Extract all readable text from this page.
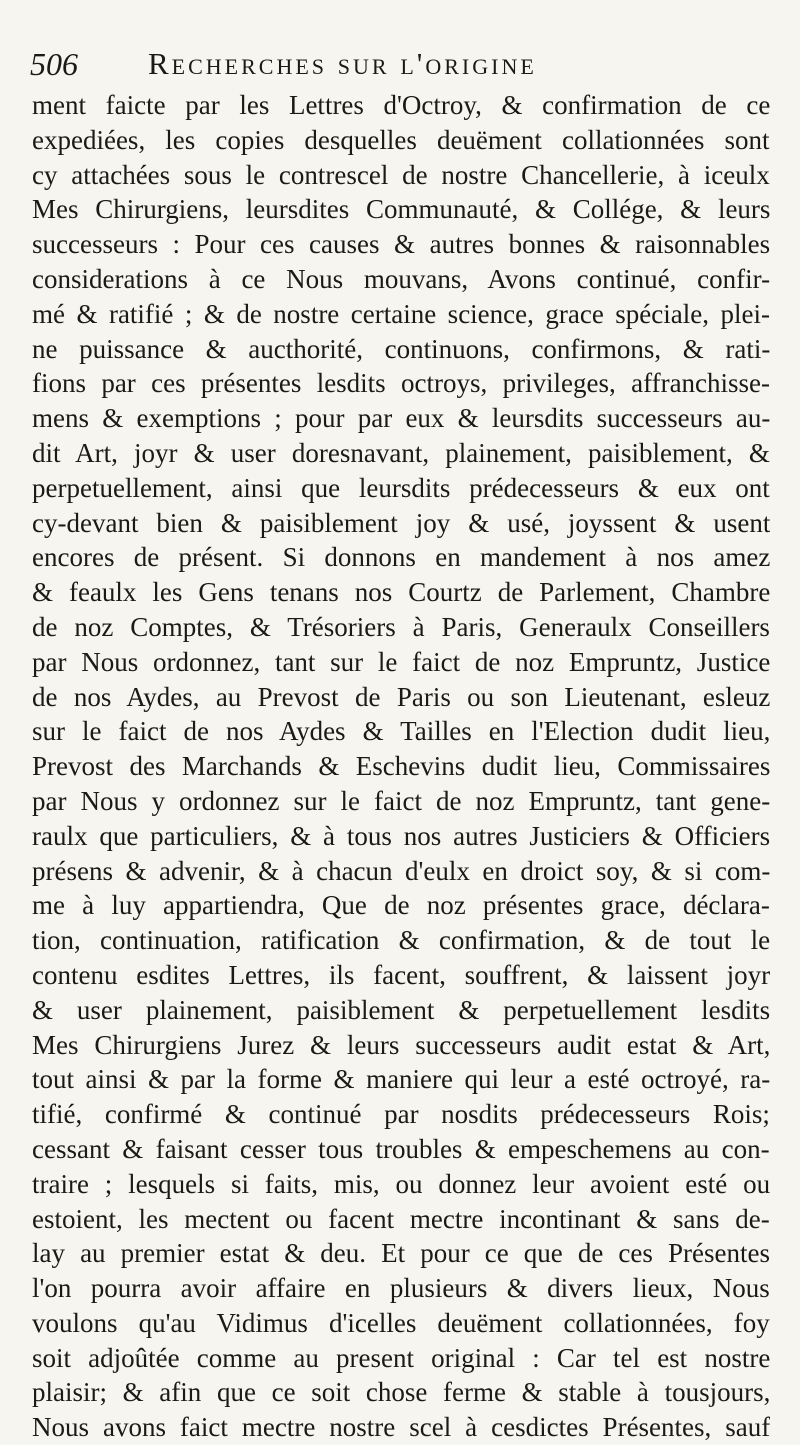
506 Recherches sur l'origine
ment faicte par les Lettres d'Octroy, & confirmation de ce
expediées, les copies desquelles deuëment collationnées sont
cy attachées sous le contrescel de nostre Chancellerie, à iceulx
Mes Chirurgiens, leursdites Communauté, & Collége, & leurs
successeurs : Pour ces causes & autres bonnes & raisonnables
considerations à ce Nous mouvans, Avons continué, confir-
mé & ratifié ; & de nostre certaine science, grace spéciale, plei-
ne puissance & aucthorité, continuons, confirmons, & rati-
fions par ces présentes lesdits octroys, privileges, affranchisse-
mens & exemptions ; pour par eux & leursdits successeurs au-
dit Art, joyr & user doresnavant, plainement, paisiblement, &
perpetuellement, ainsi que leursdits prédecesseurs & eux ont
cy-devant bien & paisiblement joy & usé, joyssent & usent
encores de présent. Si donnons en mandement à nos amez
& feaulx les Gens tenans nos Courtz de Parlement, Chambre
de noz Comptes, & Trésoriers à Paris, Generaulx Conseillers
par Nous ordonnez, tant sur le faict de noz Empruntz, Justice
de nos Aydes, au Prevost de Paris ou son Lieutenant, esleuz
sur le faict de nos Aydes & Tailles en l'Election dudit lieu,
Prevost des Marchands & Eschevins dudit lieu, Commissaires
par Nous y ordonnez sur le faict de noz Empruntz, tant gene-
raulx que particuliers, & à tous nos autres Justiciers & Officiers
présens & advenir, & à chacun d'eulx en droict soy, & si com-
me à luy appartiendra, Que de noz présentes grace, déclara-
tion, continuation, ratification & confirmation, & de tout le
contenu esdites Lettres, ils facent, souffrent, & laissent joyr
& user plainement, paisiblement & perpetuellement lesdits
Mes Chirurgiens Jurez & leurs successeurs audit estat & Art,
tout ainsi & par la forme & maniere qui leur a esté octroyé, ra-
tifié, confirmé & continué par nosdits prédecesseurs Rois;
cessant & faisant cesser tous troubles & empeschemens au con-
traire ; lesquels si faits, mis, ou donnez leur avoient esté ou
estoient, les mectent ou facent mectre incontinant & sans de-
lay au premier estat & deu. Et pour ce que de ces Présentes
l'on pourra avoir affaire en plusieurs & divers lieux, Nous
voulons qu'au Vidimus d'icelles deuëment collationnées, foy
soit adjoûtée comme au present original : Car tel est nostre
plaisir; & afin que ce soit chose ferme & stable à tousjours,
Nous avons faict mectre nostre scel à cesdictes Présentes, sauf
